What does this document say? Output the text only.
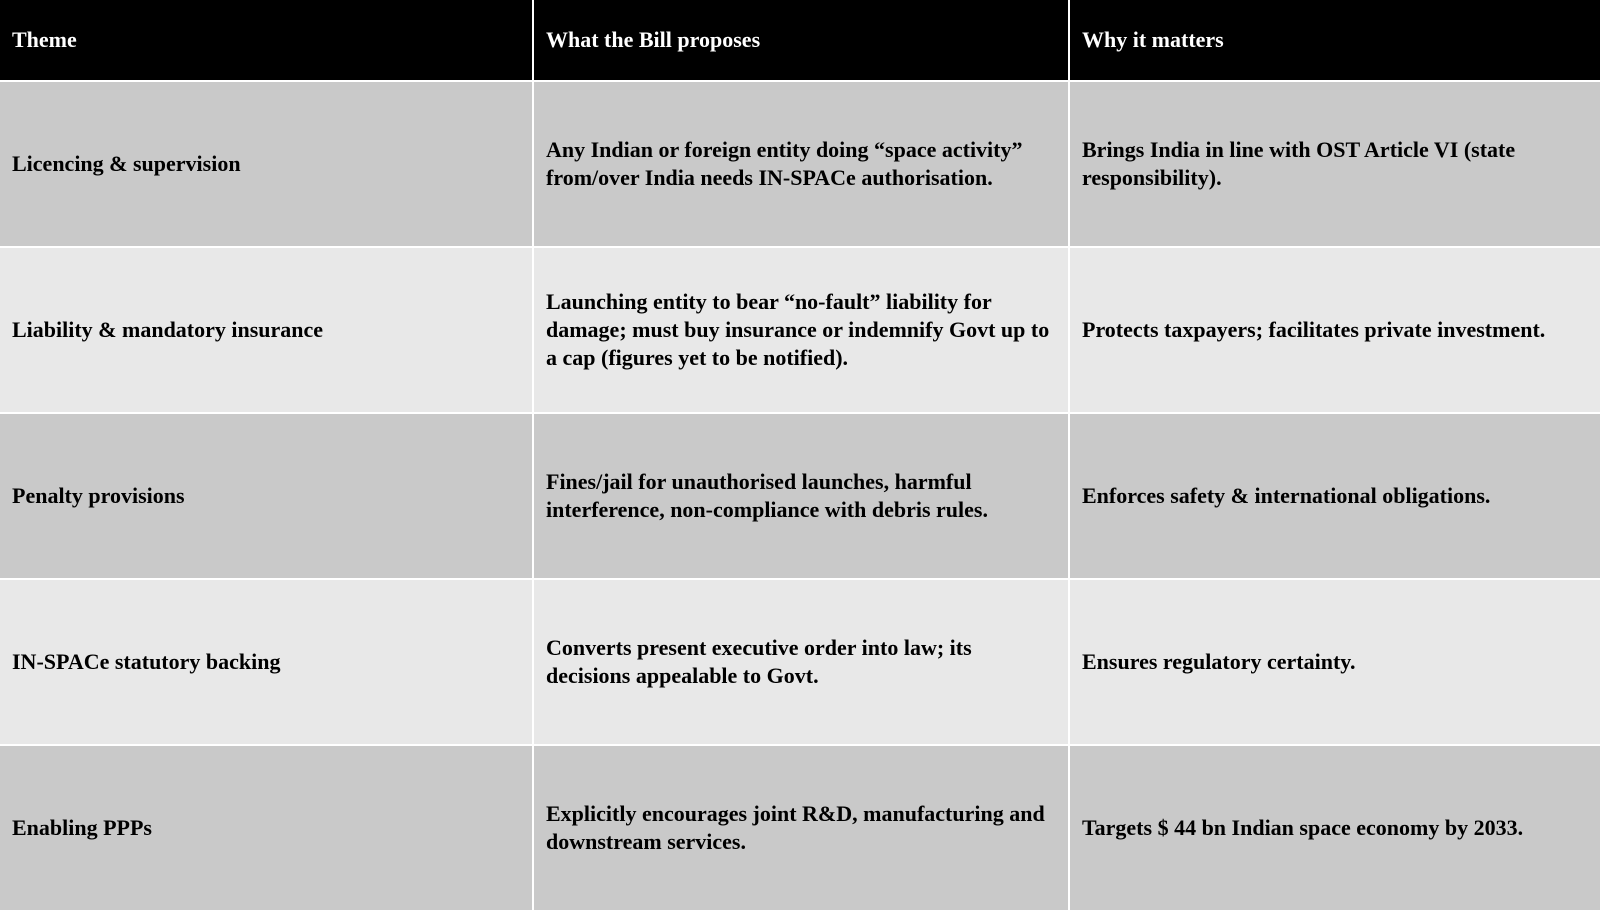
Theme	What the Bill proposes	Why it matters
Licencing & supervision
Any Indian or foreign entity doing “space activity” from/over India needs IN-SPACe authorisation.
Brings India in line with OST Article VI (state responsibility).
Liability & mandatory insurance
Launching entity to bear “no-fault” liability for damage; must buy insurance or indemnify Govt up to a cap (figures yet to be notified).
Protects taxpayers; facilitates private investment.
Penalty provisions
Fines/jail for unauthorised launches, harmful interference, non-compliance with debris rules.
Enforces safety & international obligations.
IN-SPACe statutory backing
Converts present executive order into law; its decisions appealable to Govt.
Ensures regulatory certainty.
Enabling PPPs
Explicitly encourages joint R&D, manufacturing and downstream services.
Targets $ 44 bn Indian space economy by 2033.
